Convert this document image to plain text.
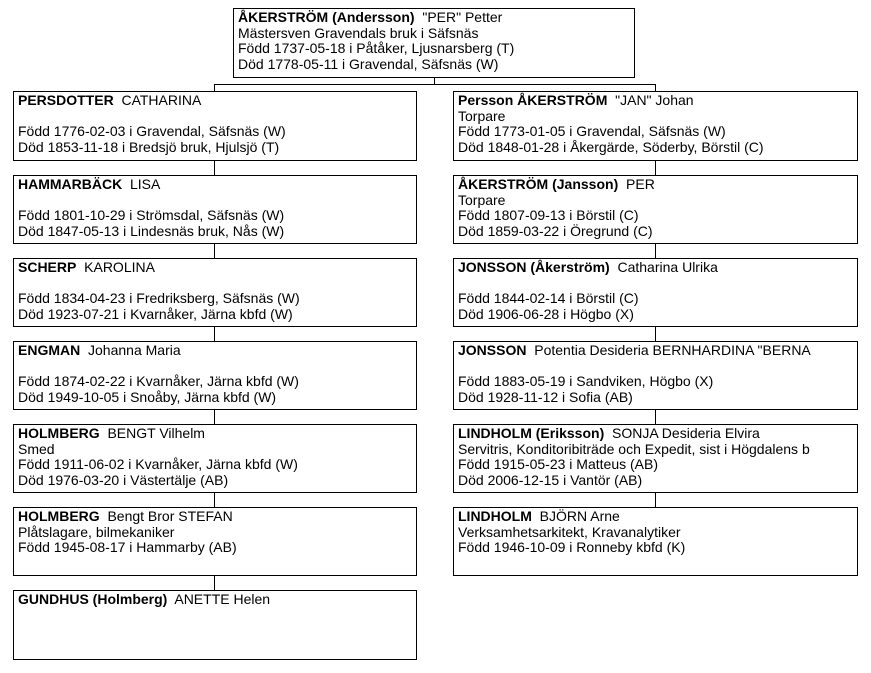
ÅKERSTRÖM (Andersson) "PER" Petter
Mästersven Gravendals bruk i Säfsnäs
Född 1737-05-18 i Påtåker, Ljusnarsberg (T)
Död 1778-05-11 i Gravendal, Säfsnäs (W)
PERSDOTTER CATHARINA
Född 1776-02-03 i Gravendal, Säfsnäs (W)
Död 1853-11-18 i Bredsjö bruk, Hjulsjö (T)
HAMMARBÄCK LISA
Född 1801-10-29 i Strömsdal, Säfsnäs (W)
Död 1847-05-13 i Lindesnäs bruk, Nås (W)
SCHERP KAROLINA
Född 1834-04-23 i Fredriksberg, Säfsnäs (W)
Död 1923-07-21 i Kvarnåker, Järna kbfd (W)
ENGMAN Johanna Maria
Född 1874-02-22 i Kvarnåker, Järna kbfd (W)
Död 1949-10-05 i Snoåby, Järna kbfd (W)
HOLMBERG BENGT Vilhelm
Smed
Född 1911-06-02 i Kvarnåker, Järna kbfd (W)
Död 1976-03-20 i Västertälje (AB)
HOLMBERG Bengt Bror STEFAN
Plåtslagare, bilmekaniker
Född 1945-08-17 i Hammarby (AB)
GUNDHUS (Holmberg) ANETTE Helen
Persson ÅKERSTRÖM "JAN" Johan
Torpare
Född 1773-01-05 i Gravendal, Säfsnäs (W)
Död 1848-01-28 i Åkergärde, Söderby, Börstil (C)
ÅKERSTRÖM (Jansson) PER
Torpare
Född 1807-09-13 i Börstil (C)
Död 1859-03-22 i Öregrund (C)
JONSSON (Åkerström) Catharina Ulrika
Född 1844-02-14 i Börstil (C)
Död 1906-06-28 i Högbo (X)
JONSSON Potentia Desideria BERNHARDINA "BERNA
Född 1883-05-19 i Sandviken, Högbo (X)
Död 1928-11-12 i Sofia (AB)
LINDHOLM (Eriksson) SONJA Desideria Elvira
Servitris, Konditoribiträde och Expedit, sist i Högdalens b
Född 1915-05-23 i Matteus (AB)
Död 2006-12-15 i Vantör (AB)
LINDHOLM BJÖRN Arne
Verksamhetsarkitekt, Kravanalytiker
Född 1946-10-09 i Ronneby kbfd (K)
